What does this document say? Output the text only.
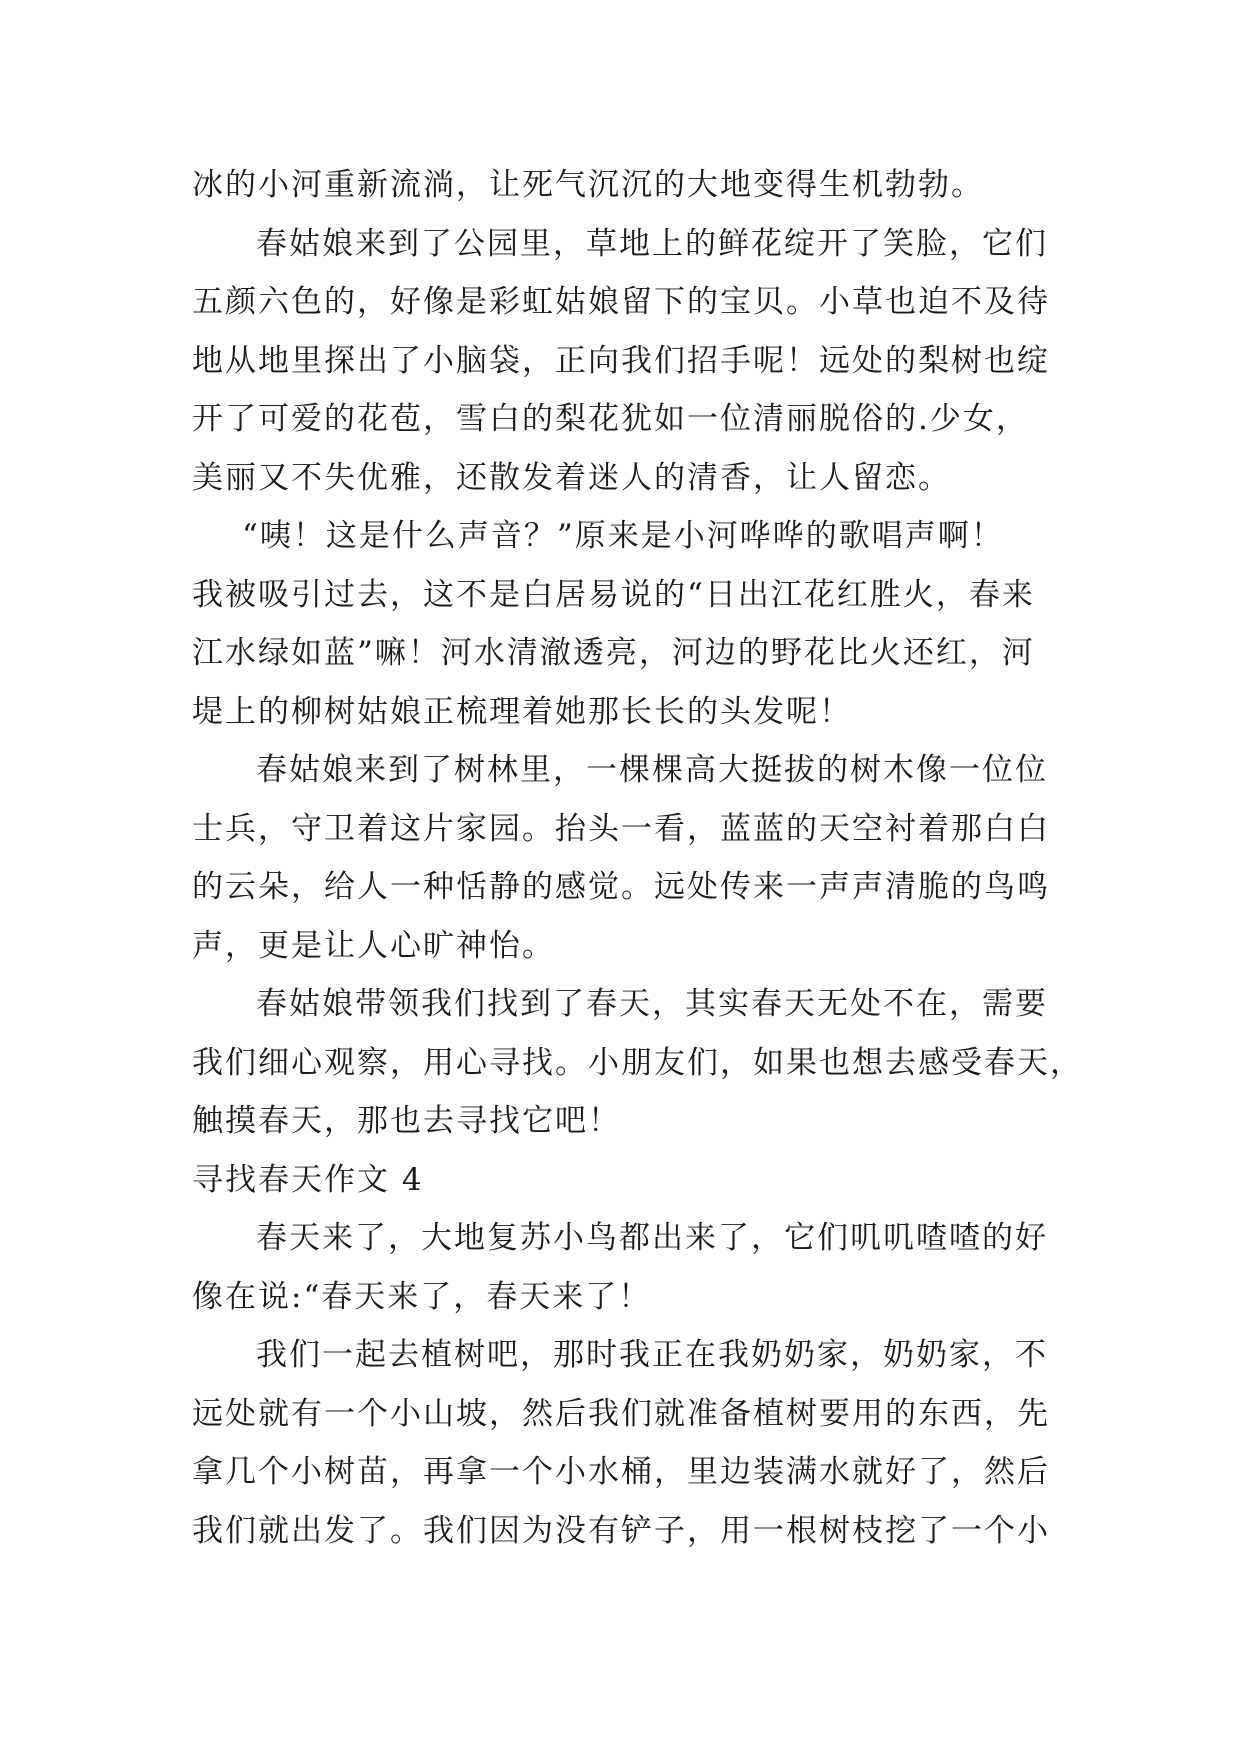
冰的小河重新流淌，让死气沉沉的大地变得生机勃勃。
春姑娘来到了公园里，草地上的鲜花绽开了笑脸，它们
五颜六色的，好像是彩虹姑娘留下的宝贝。小草也迫不及待
地从地里探出了小脑袋，正向我们招手呢！远处的梨树也绽
开了可爱的花苞，雪白的梨花犹如一位清丽脱俗的.少女，
美丽又不失优雅，还散发着迷人的清香，让人留恋。
“咦！这是什么声音？”原来是小河哗哗的歌唱声啊！
我被吸引过去，这不是白居易说的“日出江花红胜火，春来
江水绿如蓝”嘛！河水清澈透亮，河边的野花比火还红，河
堤上的柳树姑娘正梳理着她那长长的头发呢！
春姑娘来到了树林里，一棵棵高大挺拔的树木像一位位
士兵，守卫着这片家园。抬头一看，蓝蓝的天空衬着那白白
的云朵，给人一种恬静的感觉。远处传来一声声清脆的鸟鸣
声，更是让人心旷神怡。
春姑娘带领我们找到了春天，其实春天无处不在，需要
我们细心观察，用心寻找。小朋友们，如果也想去感受春天，
触摸春天，那也去寻找它吧！
寻找春天作文 4
春天来了，大地复苏小鸟都出来了，它们叽叽喳喳的好
像在说:“春天来了，春天来了！
我们一起去植树吧，那时我正在我奶奶家，奶奶家，不
远处就有一个小山坡，然后我们就准备植树要用的东西，先
拿几个小树苗，再拿一个小水桶，里边装满水就好了，然后
我们就出发了。我们因为没有铲子，用一根树枝挖了一个小
